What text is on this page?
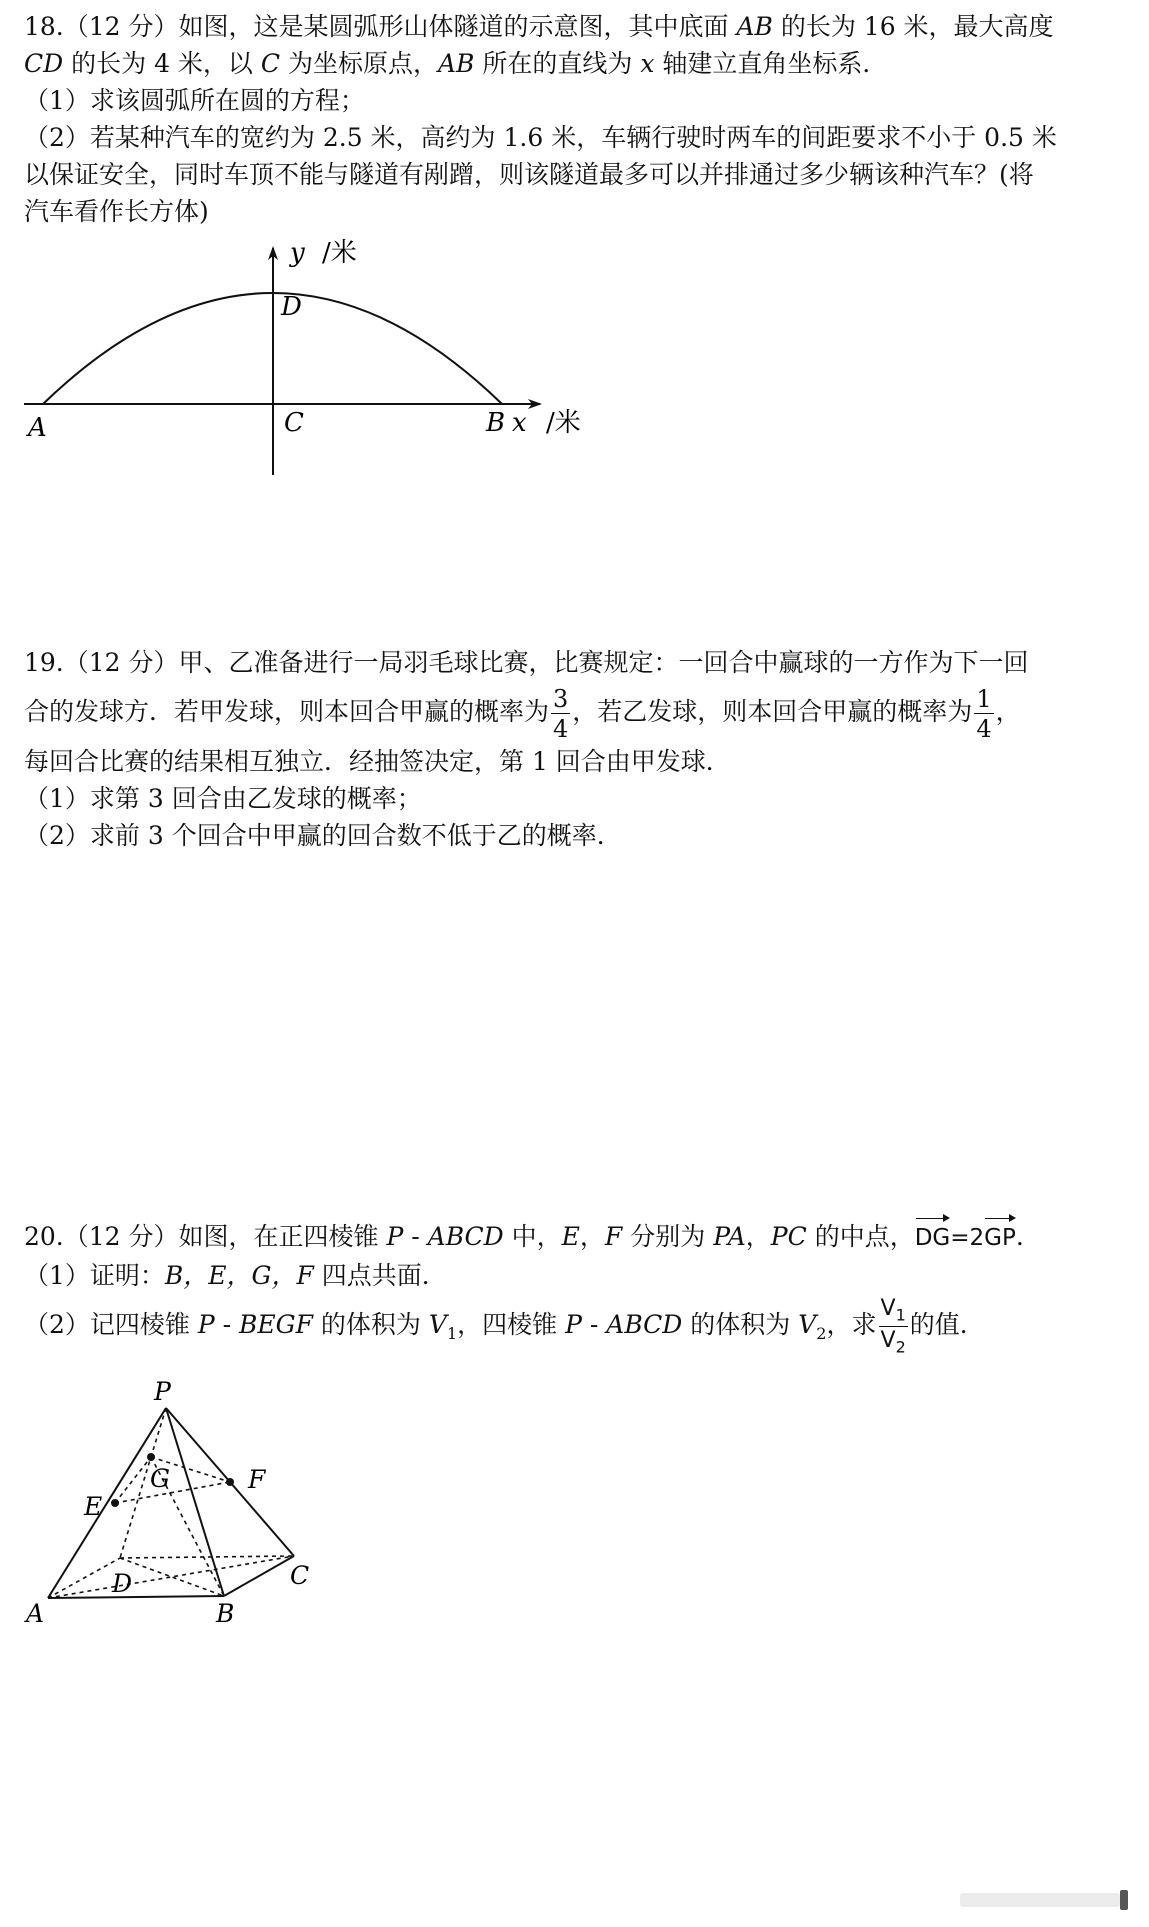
18.（12 分）如图，这是某圆弧形山体隧道的示意图，其中底面 AB 的长为 16 米，最大高度
CD 的长为 4 米，以 C 为坐标原点，AB 所在的直线为 x 轴建立直角坐标系．
（1）求该圆弧所在圆的方程；
（2）若某种汽车的宽约为 2.5 米，高约为 1.6 米，车辆行驶时两车的间距要求不小于 0.5 米
以保证安全，同时车顶不能与隧道有剐蹭，则该隧道最多可以并排通过多少辆该种汽车？(将
汽车看作长方体)
y /米
D
A	C	B x /米
19.（12 分）甲、乙准备进行一局羽毛球比赛，比赛规定：一回合中赢球的一方作为下一回
合的发球方．若甲发球，则本回合甲赢的概率为 $\frac{3}{4}$ ，若乙发球，则本回合甲赢的概率为 $\frac{1}{4}$ ，
每回合比赛的结果相互独立．经抽签决定，第 1 回合由甲发球．
（1）求第 3 回合由乙发球的概率；
（2）求前 3 个回合中甲赢的回合数不低于乙的概率．
20.（12 分）如图，在正四棱锥 P - ABCD 中，E，F 分别为 PA，PC 的中点，DG=2GP.
（1）证明：B，E，G，F 四点共面．
（2）记四棱锥 P - BEGF 的体积为 $V_1$，四棱锥 P - ABCD 的体积为 $V_2$，求 $\frac{V_1}{V_2}$ 的值．
P
E
G	F
D	C
A	B
